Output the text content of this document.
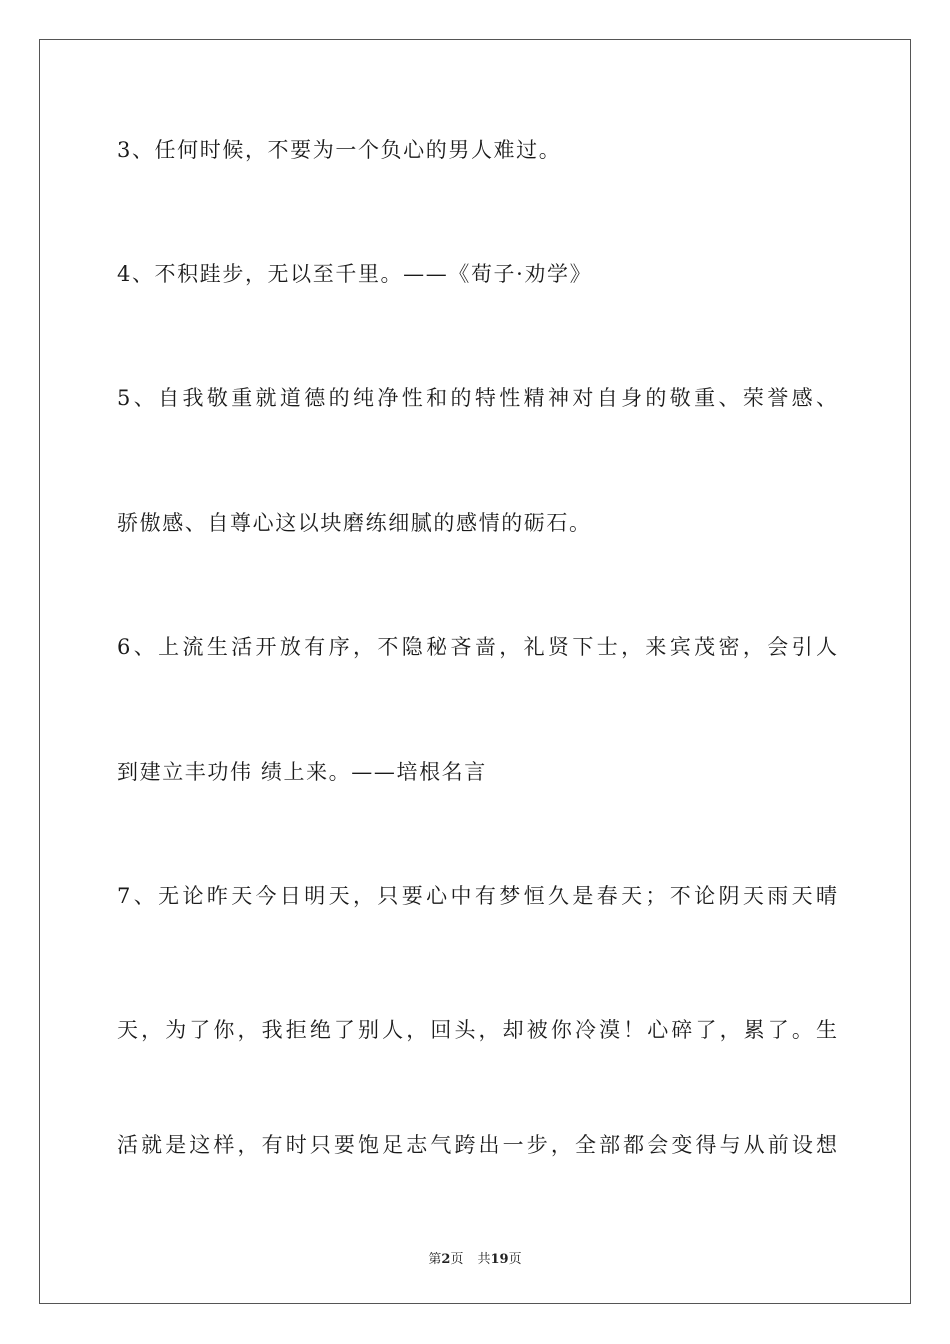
3、任何时候，不要为一个负心的男人难过。
4、不积跬步，无以至千里。——《荀子·劝学》
5、自我敬重就道德的纯净性和的特性精神对自身的敬重、荣誉感、
骄傲感、自尊心这以块磨练细腻的感情的砺石。
6、上流生活开放有序，不隐秘吝啬，礼贤下士，来宾茂密，会引人
到建立丰功伟 绩上来。——培根名言
7、无论昨天今日明天，只要心中有梦恒久是春天；不论阴天雨天晴
天，为了你，我拒绝了别人，回头，却被你冷漠！心碎了，累了。生
活就是这样，有时只要饱足志气跨出一步，全部都会变得与从前设想
第2页 共19页
